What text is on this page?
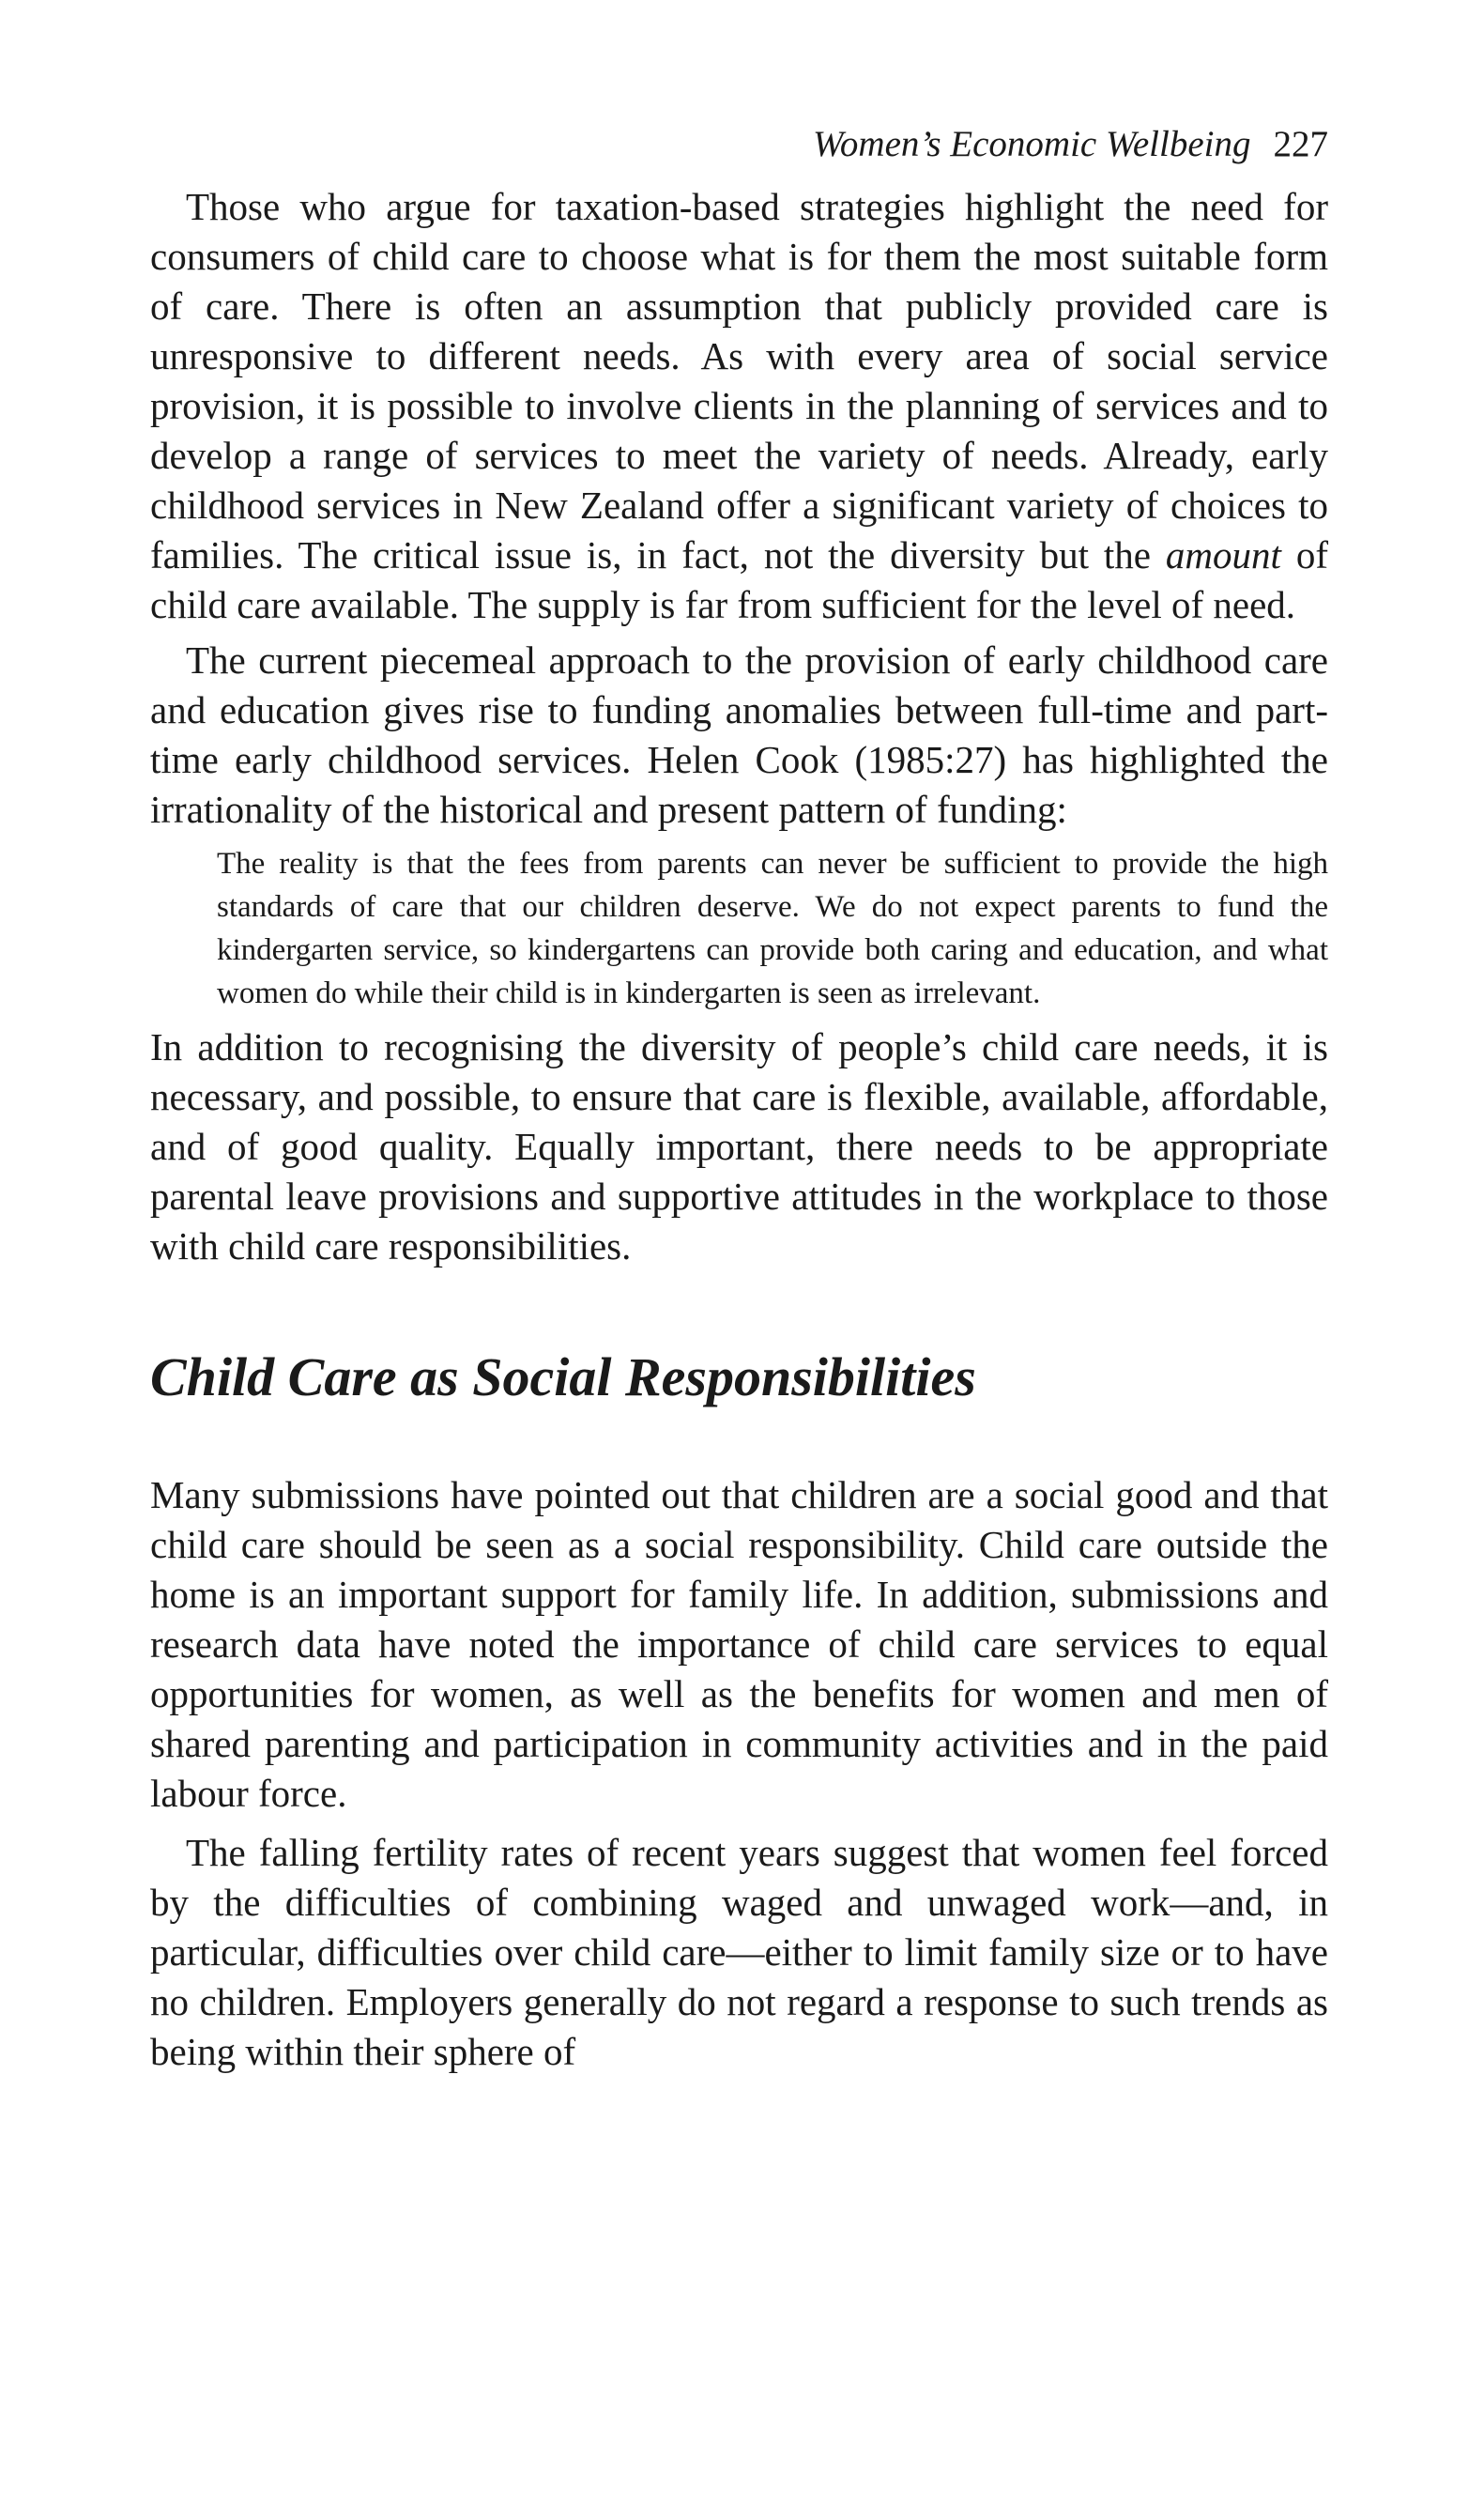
Women’s Economic Wellbeing 227

Those who argue for taxation-based strategies highlight the need for consumers of child care to choose what is for them the most suitable form of care. There is often an assumption that publicly provided care is unresponsive to different needs. As with every area of social service provision, it is possible to involve clients in the planning of services and to develop a range of services to meet the variety of needs. Already, early childhood services in New Zealand offer a significant variety of choices to families. The critical issue is, in fact, not the diversity but the amount of child care available. The supply is far from sufficient for the level of need.

The current piecemeal approach to the provision of early childhood care and education gives rise to funding anomalies between full-time and part-time early childhood services. Helen Cook (1985:27) has highlighted the irrationality of the historical and present pattern of funding:

The reality is that the fees from parents can never be sufficient to provide the high standards of care that our children deserve. We do not expect parents to fund the kindergarten service, so kindergartens can provide both caring and education, and what women do while their child is in kindergarten is seen as irrelevant.

In addition to recognising the diversity of people’s child care needs, it is necessary, and possible, to ensure that care is flexible, available, affordable, and of good quality. Equally important, there needs to be appropriate parental leave provisions and supportive attitudes in the workplace to those with child care responsibilities.

Child Care as Social Responsibilities

Many submissions have pointed out that children are a social good and that child care should be seen as a social responsibility. Child care outside the home is an important support for family life. In addition, submissions and research data have noted the importance of child care services to equal opportunities for women, as well as the benefits for women and men of shared parenting and participation in community activities and in the paid labour force.

The falling fertility rates of recent years suggest that women feel forced by the difficulties of combining waged and unwaged work—and, in particular, difficulties over child care—either to limit family size or to have no children. Employers generally do not regard a response to such trends as being within their sphere of
